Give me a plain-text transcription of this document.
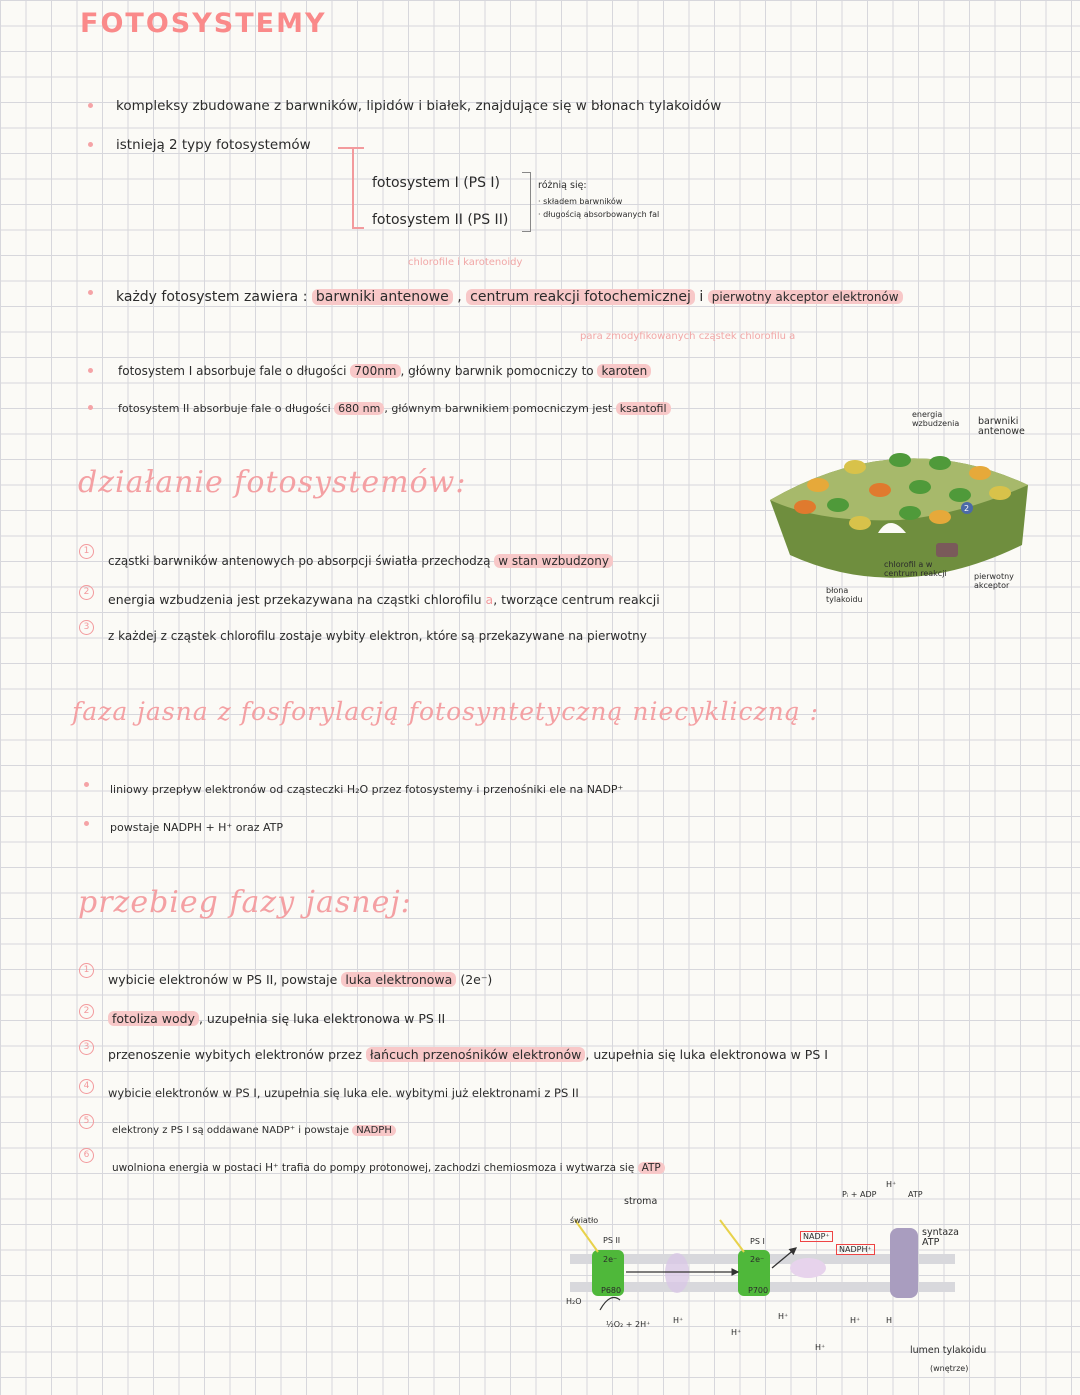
FOTOSYSTEMY
kompleksy zbudowane z barwników, lipidów i białek, znajdujące się w błonach tylakoidów
istnieją 2 typy fotosystemów
fotosystem I (PS I)
fotosystem II (PS II)
różnią się:
· składem barwników
· długością absorbowanych fal
chlorofile i karotenoidy
każdy fotosystem zawiera : barwniki antenowe , centrum reakcji fotochemicznej i pierwotny akceptor elektronów
para zmodyfikowanych cząstek chlorofilu a
fotosystem I absorbuje fale o długości 700nm , główny barwnik pomocniczy to karoten
fotosystem II absorbuje fale o długości 680 nm , głównym barwnikiem pomocniczym jest ksantofil
działanie fotosystemów:
1
cząstki barwników antenowych po absorpcji światła przechodzą w stan wzbudzony
2	energia wzbudzenia jest przekazywana na cząstki chlorofilu a, tworzące centrum reakcji
3
z każdej z cząstek chlorofilu zostaje wybity elektron, które są przekazywane na pierwotny
2
energia wzbudzenia barwniki antenowe
chlorofil a w centrum reakcji
błona tylakoidu
pierwotny akceptor
faza jasna z fosforylacją fotosyntetyczną niecykliczną :
liniowy przepływ elektronów od cząsteczki H₂O przez fotosystemy i przenośniki ele na NADP⁺
powstaje NADPH + H⁺ oraz ATP
przebieg fazy jasnej:
1
wybicie elektronów w PS II, powstaje luka elektronowa (2e⁻)
2	fotoliza wody , uzupełnia się luka elektronowa w PS II
3	przenoszenie wybitych elektronów przez łańcuch przenośników elektronów , uzupełnia się luka elektronowa w PS I
4	wybicie elektronów w PS I, uzupełnia się luka ele. wybitymi już elektronami z PS II
5
elektrony z PS I są oddawane NADP⁺ i powstaje NADPH
6
uwolniona energia w postaci H⁺ trafia do pompy protonowej, zachodzi chemiosmoza i wytwarza się ATP
stroma
światło
PS II	PS I
2e⁻	2e⁻
P680	P700
H₂O
½O₂ + 2H⁺
NADP⁺
NADPH⁺
Pᵢ + ADP
H⁺
ATP
syntaza ATP
H⁺
H⁺
H⁺	H⁺	H
H⁺	lumen tylakoidu
(wnętrze)
